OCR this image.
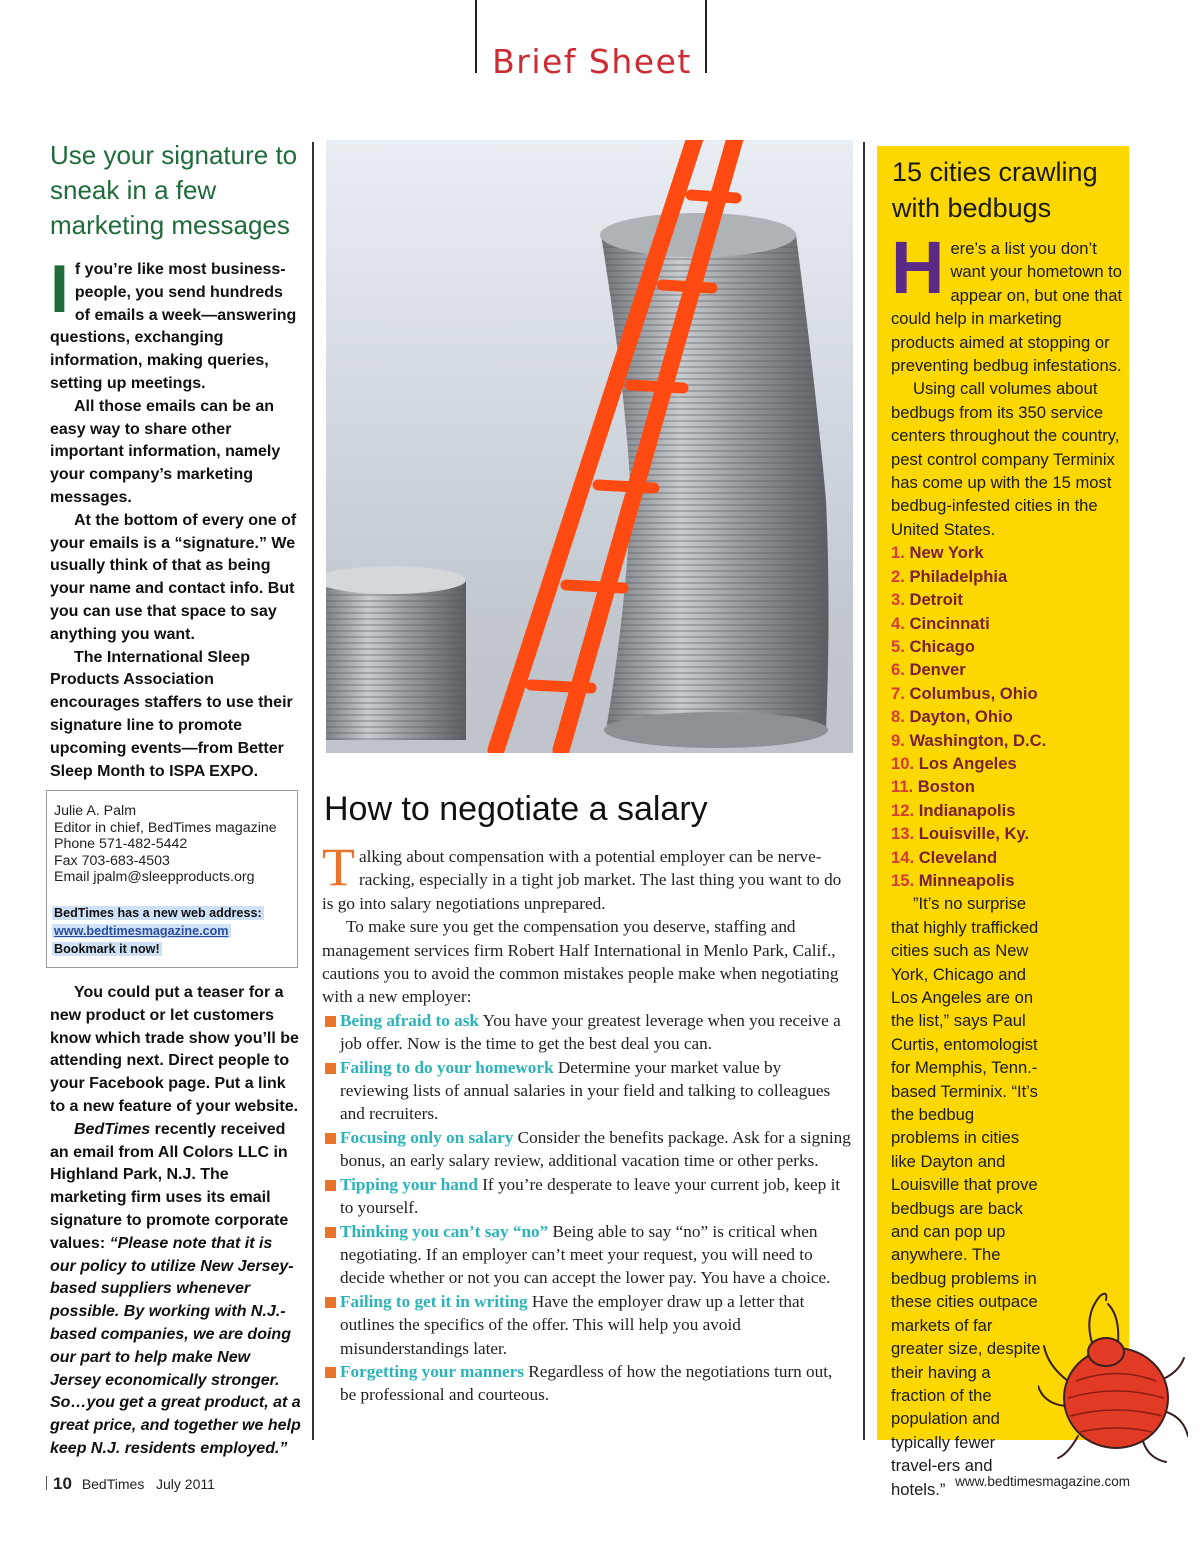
Brief Sheet
Use your signature to sneak in a few marketing messages

If you’re like most business-people, you send hundreds of emails a week—answering questions, exchanging information, making queries, setting up meetings.

All those emails can be an easy way to share other important information, namely your company’s marketing messages.

At the bottom of every one of your emails is a “signature.” We usually think of that as being your name and contact info. But you can use that space to say anything you want.

The International Sleep Products Association encourages staffers to use their signature line to promote upcoming events—from Better Sleep Month to ISPA EXPO.

Julie A. Palm
Editor in chief, BedTimes magazine
Phone 571-482-5442
Fax 703-683-4503
Email jpalm@sleepproducts.org
BedTimes has a new web address:
www.bedtimesmagazine.com
Bookmark it now!

You could put a teaser for a new product or let customers know which trade show you’ll be attending next. Direct people to your Facebook page. Put a link to a new feature of your website.

BedTimes recently received an email from All Colors LLC in Highland Park, N.J. The marketing firm uses its email signature to promote corporate values: “Please note that it is our policy to utilize New Jersey-based suppliers whenever possible. By working with N.J.-based companies, we are doing our part to help make New Jersey economically stronger. So…you get a great product, at a great price, and together we help keep N.J. residents employed.”

How to negotiate a salary

Talking about compensation with a potential employer can be nerve-racking, especially in a tight job market. The last thing you want to do is go into salary negotiations unprepared.

To make sure you get the compensation you deserve, staffing and management services firm Robert Half International in Menlo Park, Calif., cautions you to avoid the common mistakes people make when negotiating with a new employer:

Being afraid to ask You have your greatest leverage when you receive a job offer. Now is the time to get the best deal you can.

Failing to do your homework Determine your market value by reviewing lists of annual salaries in your field and talking to colleagues and recruiters.

Focusing only on salary Consider the benefits package. Ask for a signing bonus, an early salary review, additional vacation time or other perks.

Tipping your hand If you’re desperate to leave your current job, keep it to yourself.

Thinking you can’t say “no” Being able to say “no” is critical when negotiating. If an employer can’t meet your request, you will need to decide whether or not you can accept the lower pay. You have a choice.

Failing to get it in writing Have the employer draw up a letter that outlines the specifics of the offer. This will help you avoid misunderstandings later.

Forgetting your manners Regardless of how the negotiations turn out, be professional and courteous.

15 cities crawling with bedbugs

Here’s a list you don’t want your hometown to appear on, but one that could help in marketing products aimed at stopping or preventing bedbug infestations.

Using call volumes about bedbugs from its 350 service centers throughout the country, pest control company Terminix has come up with the 15 most bedbug-infested cities in the United States.

1. New York
2. Philadelphia
3. Detroit
4. Cincinnati
5. Chicago
6. Denver
7. Columbus, Ohio
8. Dayton, Ohio
9. Washington, D.C.
10. Los Angeles
11. Boston
12. Indianapolis
13. Louisville, Ky.
14. Cleveland
15. Minneapolis

”It’s no surprise that highly trafficked cities such as New York, Chicago and Los Angeles are on the list,” says Paul Curtis, entomologist for Memphis, Tenn.-based Terminix. “It’s the bedbug problems in cities like Dayton and Louisville that prove bedbugs are back and can pop up anywhere. The bedbug problems in these cities outpace markets of far greater size, despite their having a fraction of the population and typically fewer travel-ers and hotels.”

10 BedTimes July 2011	www.bedtimesmagazine.com
